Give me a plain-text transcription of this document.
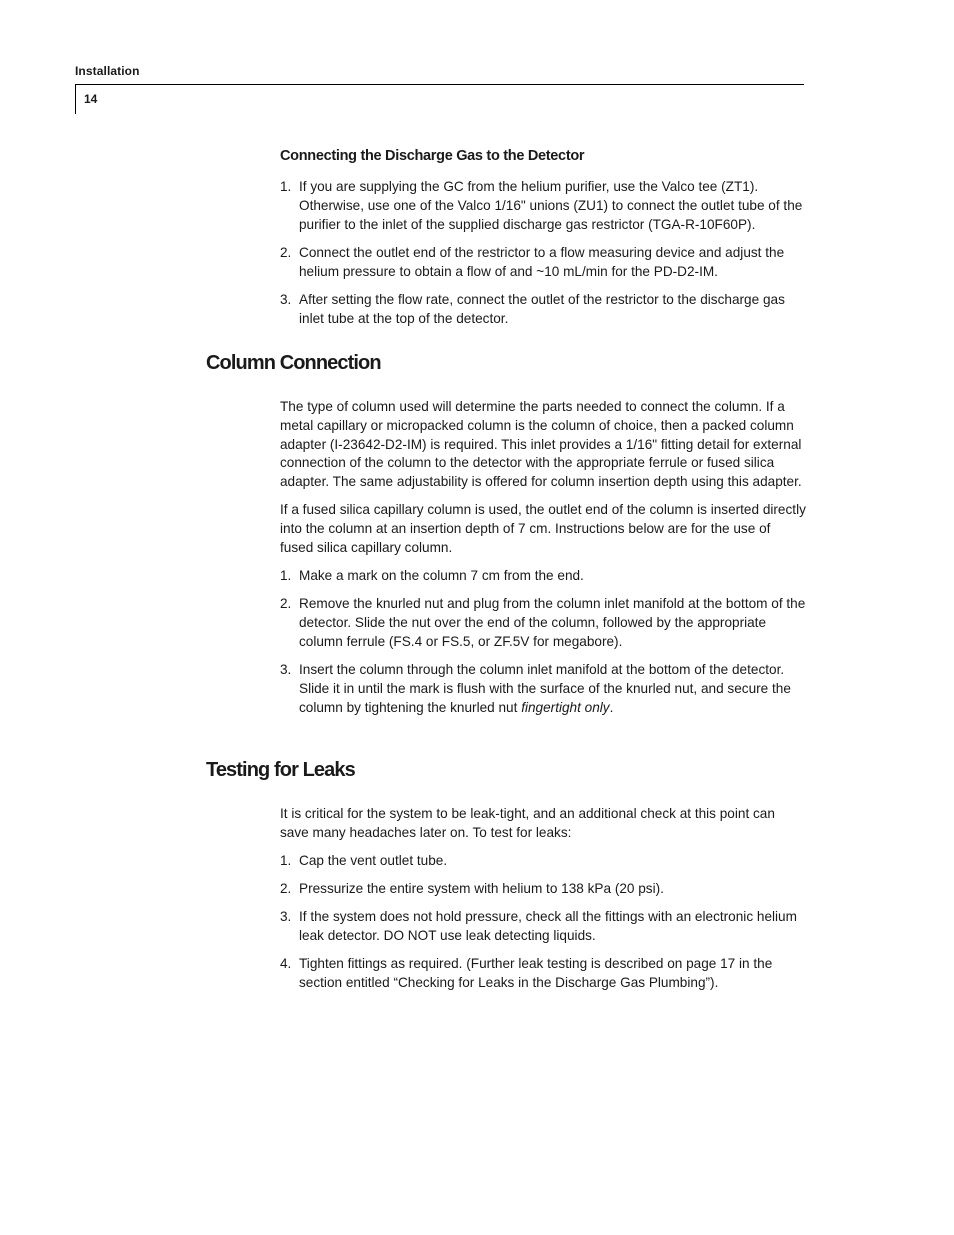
Installation
14
Connecting the Discharge Gas to the Detector
1. If you are supplying the GC from the helium purifier, use the Valco tee (ZT1). Otherwise, use one of the Valco 1/16" unions (ZU1) to connect the outlet tube of the purifier to the inlet of the supplied discharge gas restrictor (TGA-R-10F60P).
2. Connect the outlet end of the restrictor to a flow measuring device and adjust the helium pressure to obtain a flow of and ~10 mL/min for the PD-D2-IM.
3. After setting the flow rate, connect the outlet of the restrictor to the discharge gas inlet tube at the top of the detector.
Column Connection

The type of column used will determine the parts needed to connect the column. If a metal capillary or micropacked column is the column of choice, then a packed column adapter (I-23642-D2-IM) is required. This inlet provides a 1/16" fitting detail for external connection of the column to the detector with the appropriate ferrule or fused silica adapter. The same adjustability is offered for column insertion depth using this adapter.

If a fused silica capillary column is used, the outlet end of the column is inserted directly into the column at an insertion depth of 7 cm. Instructions below are for the use of fused silica capillary column.

1. Make a mark on the column 7 cm from the end.
2. Remove the knurled nut and plug from the column inlet manifold at the bottom of the detector. Slide the nut over the end of the column, followed by the appropriate column ferrule (FS.4 or FS.5, or ZF.5V for megabore).
3. Insert the column through the column inlet manifold at the bottom of the detector. Slide it in until the mark is flush with the surface of the knurled nut, and secure the column by tightening the knurled nut fingertight only.
Testing for Leaks

It is critical for the system to be leak-tight, and an additional check at this point can save many headaches later on. To test for leaks:

1. Cap the vent outlet tube.
2. Pressurize the entire system with helium to 138 kPa (20 psi).
3. If the system does not hold pressure, check all the fittings with an electronic helium leak detector. DO NOT use leak detecting liquids.
4. Tighten fittings as required. (Further leak testing is described on page 17 in the section entitled “Checking for Leaks in the Discharge Gas Plumbing”).
